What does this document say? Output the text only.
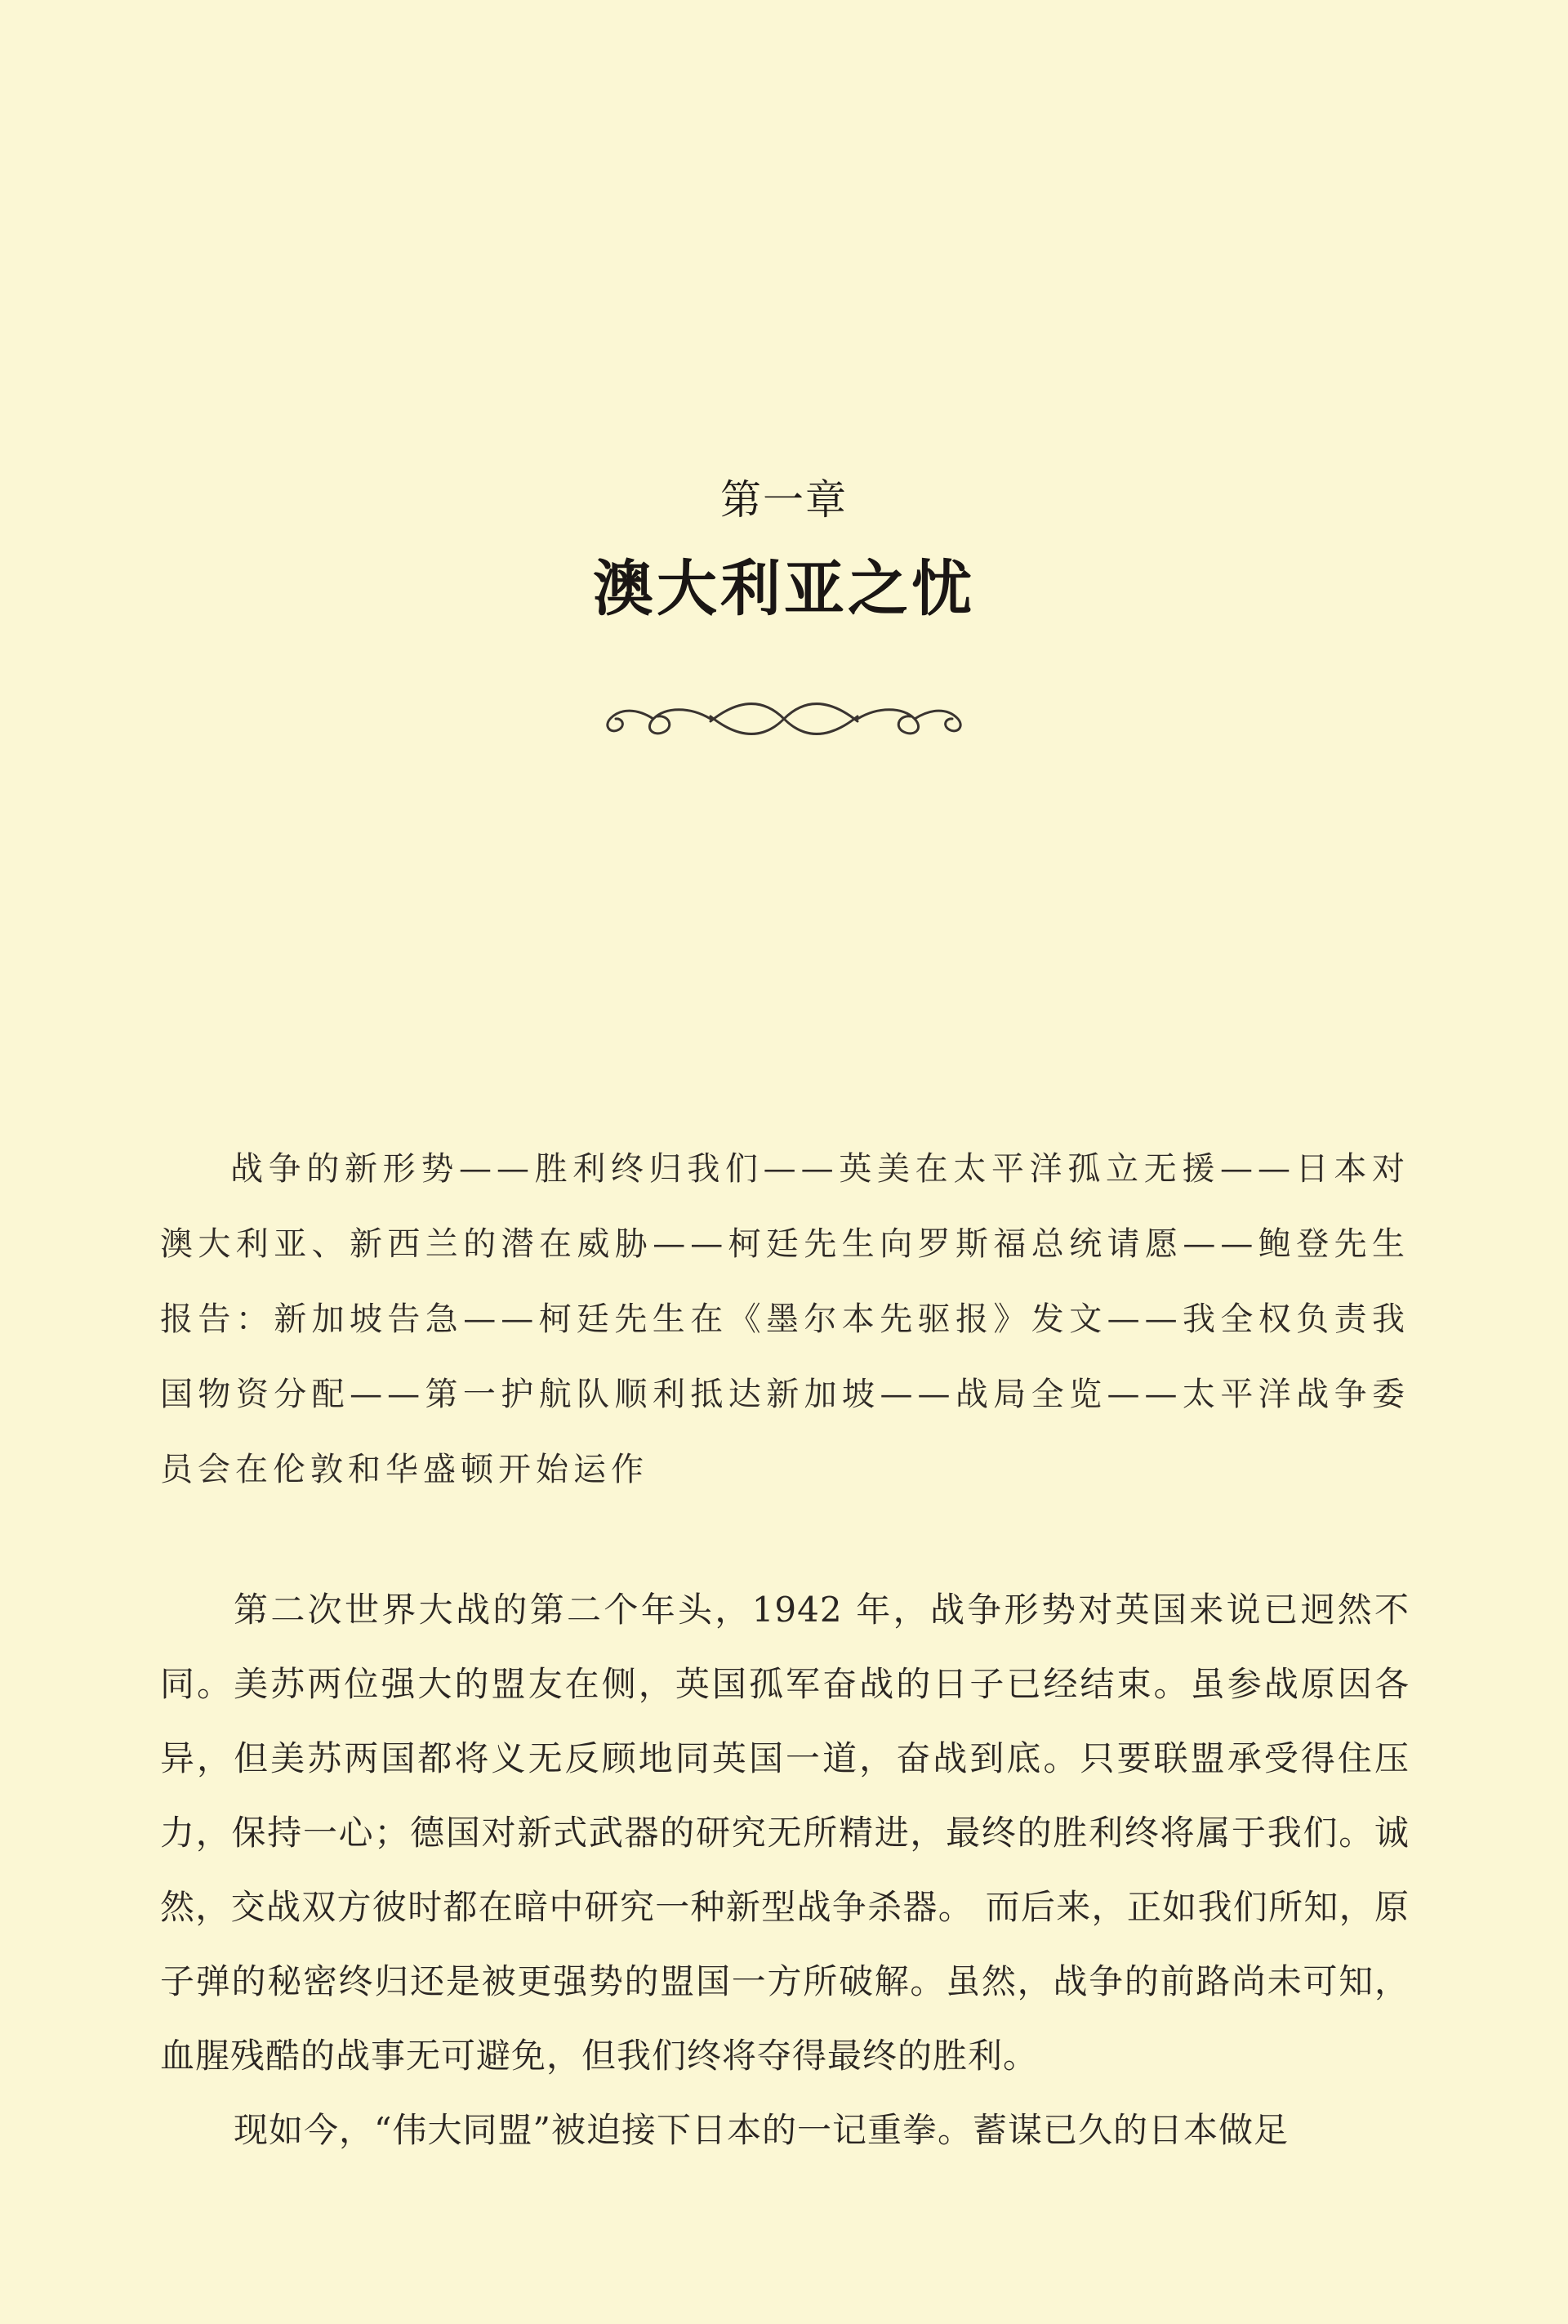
第一章
澳大利亚之忧

战争的新形势——胜利终归我们——英美在太平洋孤立无援——日本对澳大利亚、新西兰的潜在威胁——柯廷先生向罗斯福总统请愿——鲍登先生报告：新加坡告急——柯廷先生在《墨尔本先驱报》发文——我全权负责我国物资分配——第一护航队顺利抵达新加坡——战局全览——太平洋战争委员会在伦敦和华盛顿开始运作

第二次世界大战的第二个年头，1942 年，战争形势对英国来说已迥然不同。美苏两位强大的盟友在侧，英国孤军奋战的日子已经结束。虽参战原因各异，但美苏两国都将义无反顾地同英国一道，奋战到底。只要联盟承受得住压力，保持一心；德国对新式武器的研究无所精进，最终的胜利终将属于我们。诚然，交战双方彼时都在暗中研究一种新型战争杀器。 而后来，正如我们所知，原子弹的秘密终归还是被更强势的盟国一方所破解。虽然，战争的前路尚未可知，血腥残酷的战事无可避免，但我们终将夺得最终的胜利。

现如今，“伟大同盟”被迫接下日本的一记重拳。蓄谋已久的日本做足
